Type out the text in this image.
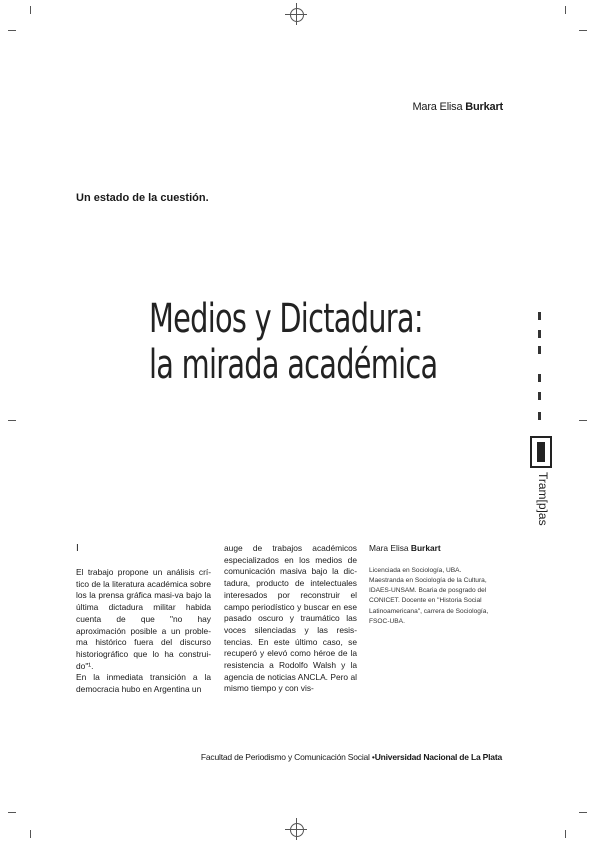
Mara Elisa Burkart
Un estado de la cuestión.
Medios y Dictadura:
la mirada académica
Tram[p]as

I

El trabajo propone un análisis crí-tico de la literatura académica sobre los la prensa gráfica masi-va bajo la última dictadura militar habida cuenta de que "no hay aproximación posible a un proble-ma histórico fuera del discurso historiográfico que lo ha construi-do"¹.

En la inmediata transición a la democracia hubo en Argentina un

auge de trabajos académicos especializados en los medios de comunicación masiva bajo la dic-tadura, producto de intelectuales interesados por reconstruir el campo periodístico y buscar en ese pasado oscuro y traumático las voces silenciadas y las resis-tencias. En este último caso, se recuperó y elevó como héroe de la resistencia a Rodolfo Walsh y la agencia de noticias ANCLA. Pero al mismo tiempo y con vis-

Mara Elisa Burkart

Licenciada en Sociología, UBA. Maestranda en Sociología de la Cultura, IDAES-UNSAM. Bcaria de posgrado del CONICET. Docente en "Historia Social Latinoamericana", carrera de Sociología, FSOC-UBA.

Facultad de Periodismo y Comunicación Social •Universidad Nacional de La Plata
